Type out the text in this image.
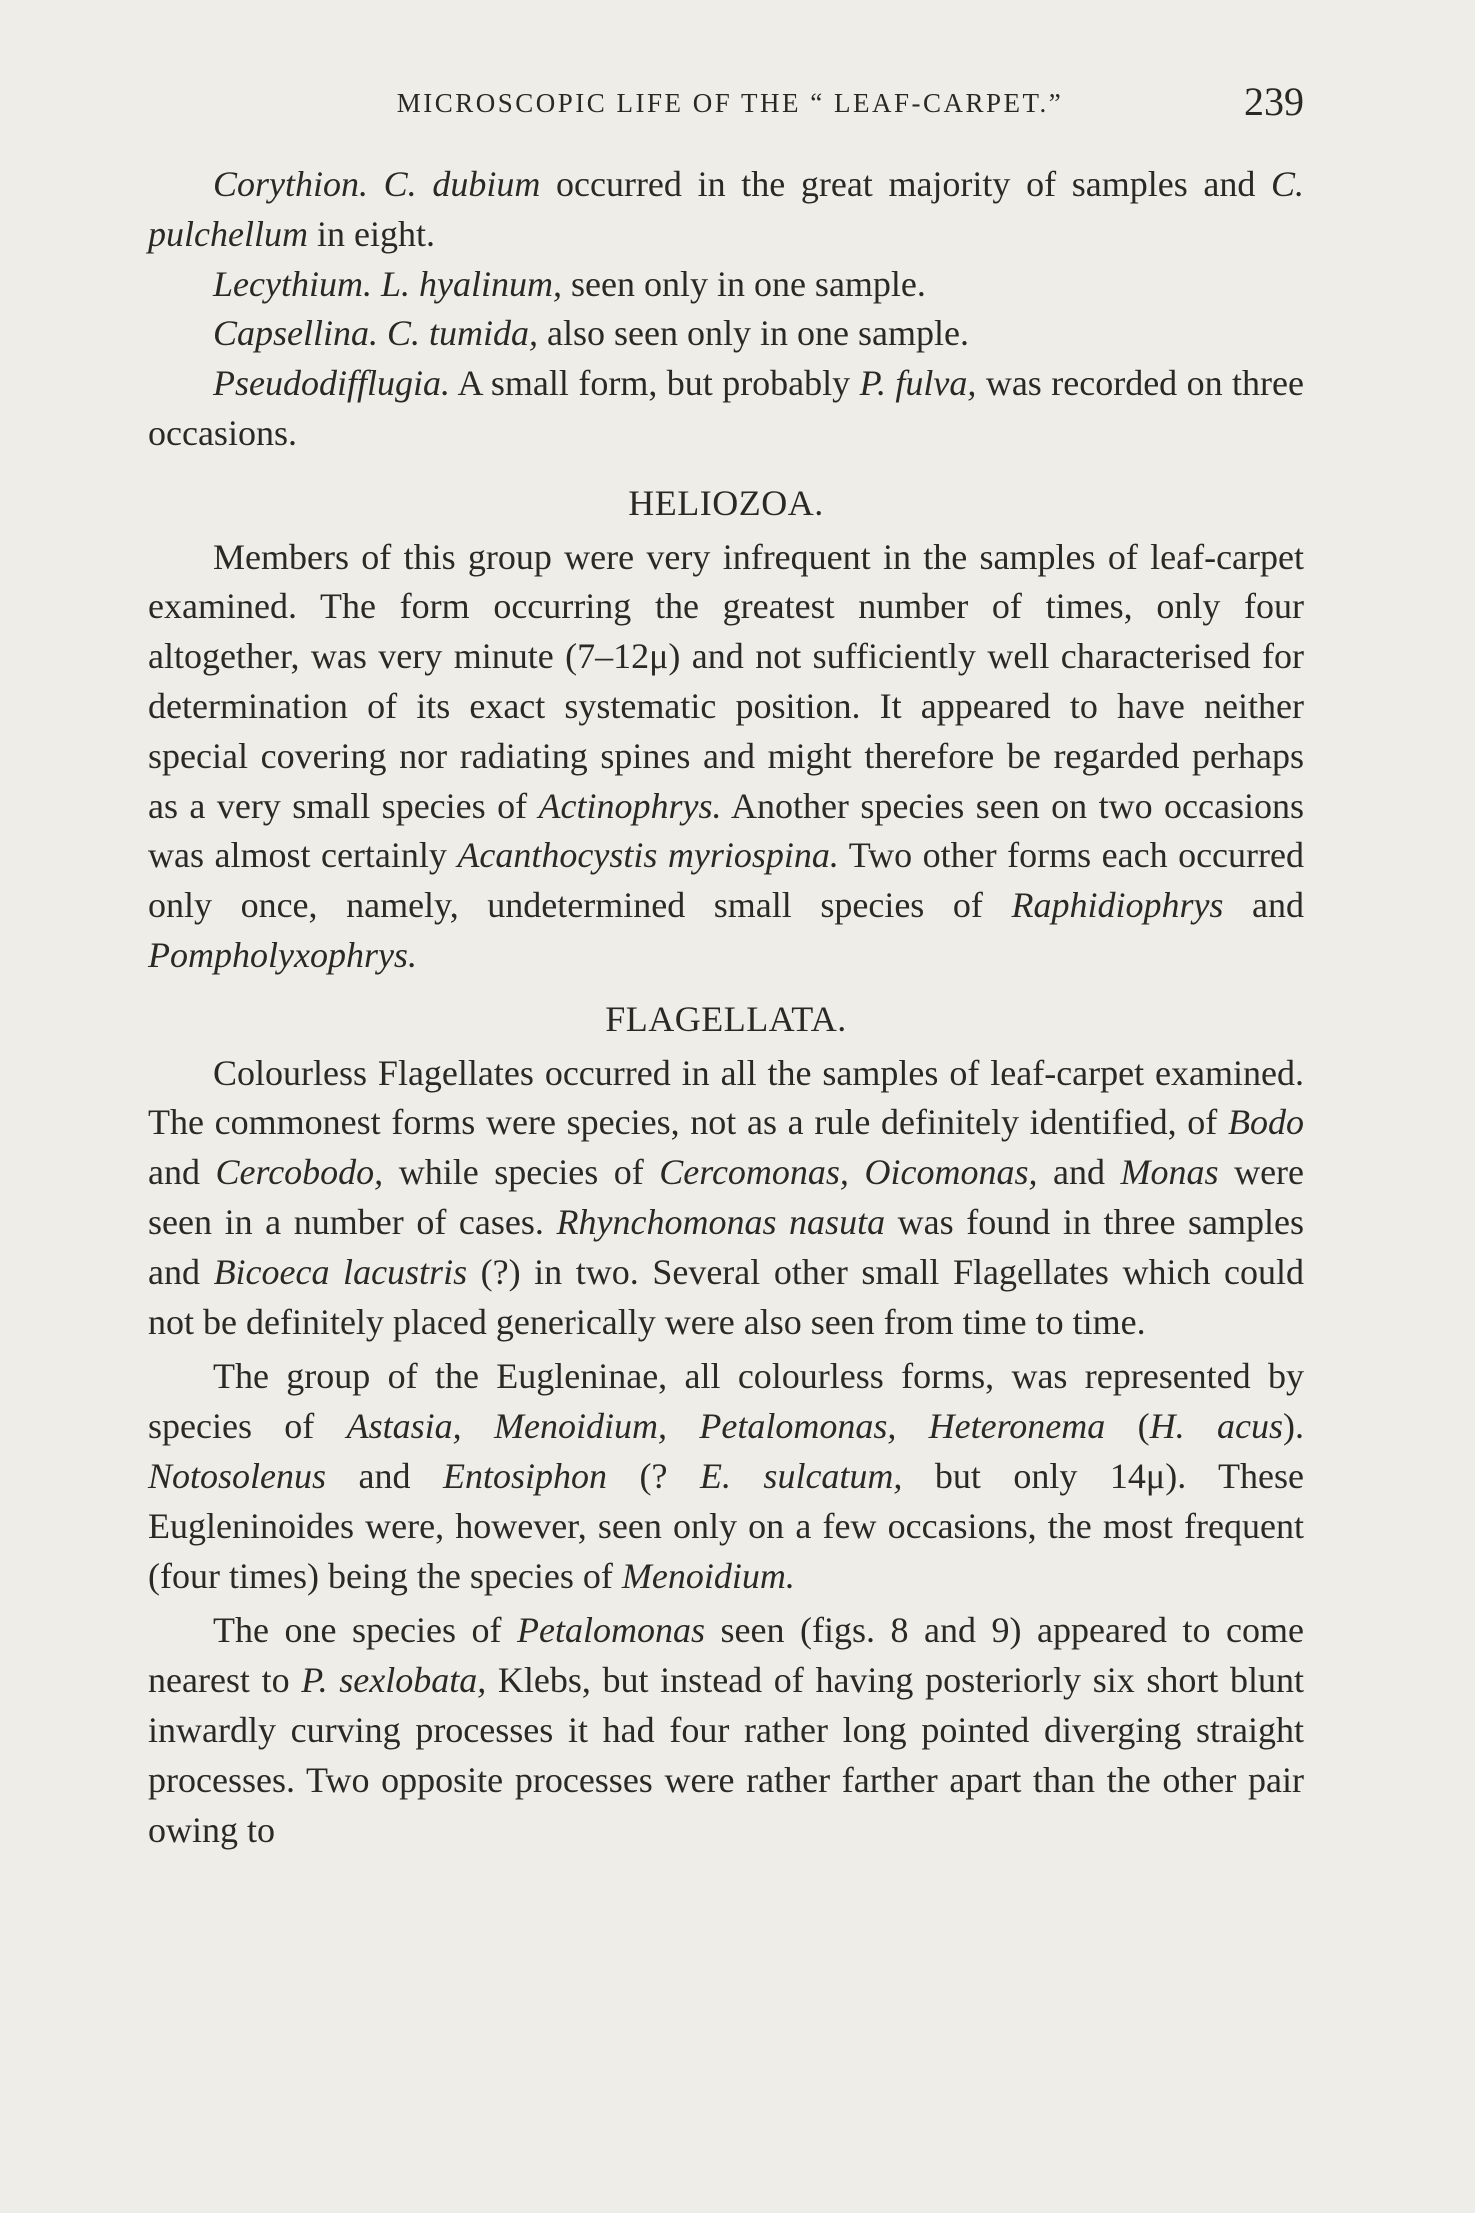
MICROSCOPIC LIFE OF THE “ LEAF-CARPET.”	239

Corythion. C. dubium occurred in the great majority of samples and C. pulchellum in eight.

Lecythium. L. hyalinum, seen only in one sample.

Capsellina. C. tumida, also seen only in one sample.

Pseudodifflugia. A small form, but probably P. fulva, was recorded on three occasions.

HELIOZOA.

Members of this group were very infrequent in the samples of leaf-carpet examined. The form occurring the greatest number of times, only four altogether, was very minute (7–12μ) and not sufficiently well characterised for determination of its exact systematic position. It appeared to have neither special covering nor radiating spines and might therefore be regarded perhaps as a very small species of Actinophrys. Another species seen on two occasions was almost certainly Acanthocystis myriospina. Two other forms each occurred only once, namely, undetermined small species of Raphidiophrys and Pompholyxophrys.

FLAGELLATA.

Colourless Flagellates occurred in all the samples of leaf-carpet examined. The commonest forms were species, not as a rule definitely identified, of Bodo and Cercobodo, while species of Cercomonas, Oicomonas, and Monas were seen in a number of cases. Rhynchomonas nasuta was found in three samples and Bicoeca lacustris (?) in two. Several other small Flagellates which could not be definitely placed generically were also seen from time to time.

The group of the Eugleninae, all colourless forms, was represented by species of Astasia, Menoidium, Petalomonas, Heteronema (H. acus). Notosolenus and Entosiphon (? E. sulcatum, but only 14μ). These Eugleninoides were, however, seen only on a few occasions, the most frequent (four times) being the species of Menoidium.

The one species of Petalomonas seen (figs. 8 and 9) appeared to come nearest to P. sexlobata, Klebs, but instead of having posteriorly six short blunt inwardly curving processes it had four rather long pointed diverging straight processes. Two opposite processes were rather farther apart than the other pair owing to
